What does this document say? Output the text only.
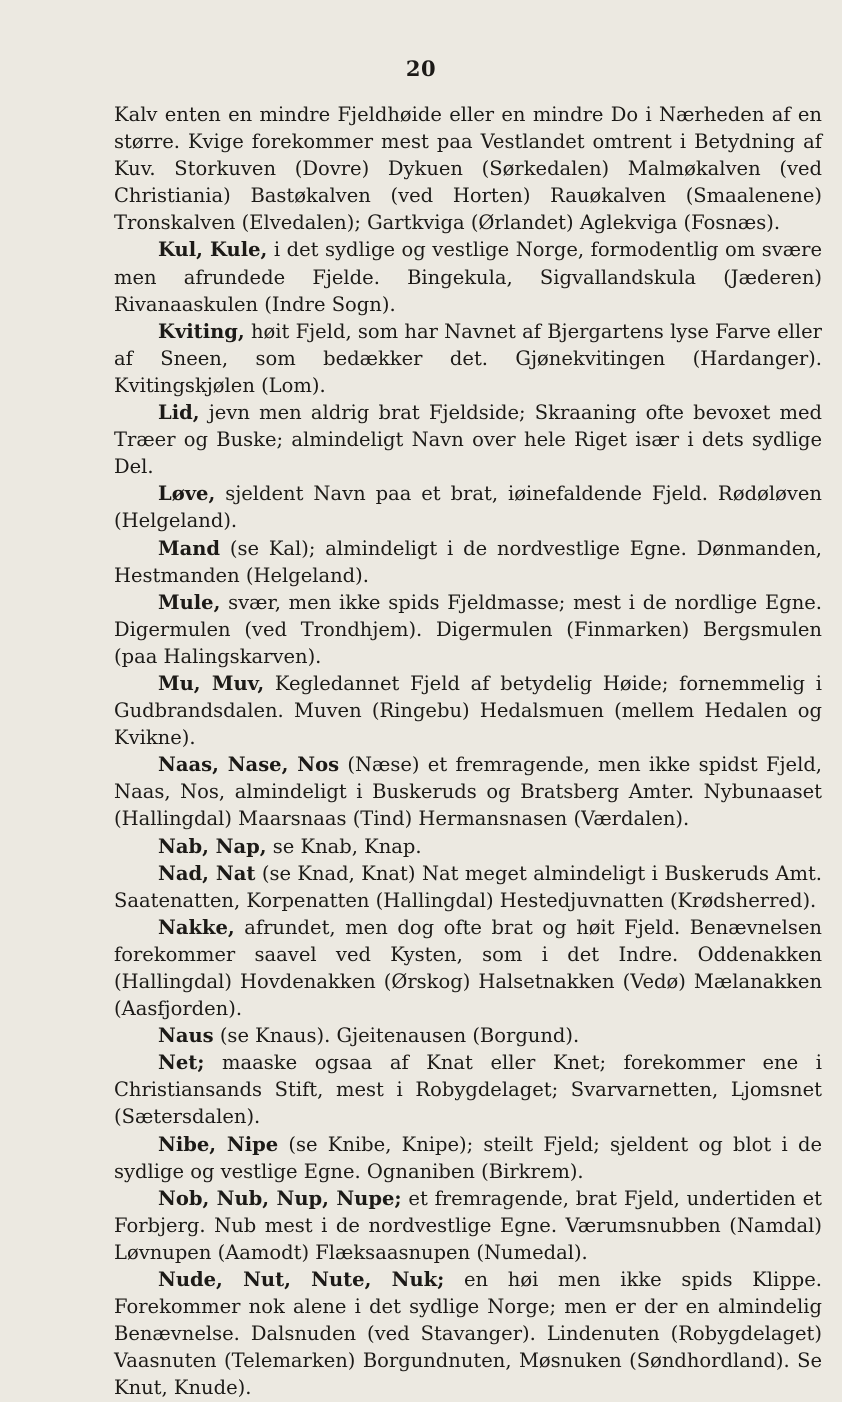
20

Kalv enten en mindre Fjeldhøide eller en mindre Do i Nærheden af en større. Kvige forekommer mest paa Vestlandet omtrent i Betydning af Kuv. Storkuven (Dovre) Dykuen (Sørkedalen) Malmøkalven (ved Christiania) Bastøkalven (ved Horten) Rauøkalven (Smaalenene) Tronskalven (Elvedalen); Gartkviga (Ørlandet) Aglekviga (Fosnæs).

Kul, Kule, i det sydlige og vestlige Norge, formodentlig om svære men afrundede Fjelde. Bingekula, Sigvallandskula (Jæderen) Rivanaaskulen (Indre Sogn).

Kviting, høit Fjeld, som har Navnet af Bjergartens lyse Farve eller af Sneen, som bedækker det. Gjønekvitingen (Hardanger). Kvitingskjølen (Lom).

Lid, jevn men aldrig brat Fjeldside; Skraaning ofte bevoxet med Træer og Buske; almindeligt Navn over hele Riget især i dets sydlige Del.

Løve, sjeldent Navn paa et brat, iøinefaldende Fjeld. Rødøløven (Helgeland).

Mand (se Kal); almindeligt i de nordvestlige Egne. Dønmanden, Hestmanden (Helgeland).

Mule, svær, men ikke spids Fjeldmasse; mest i de nordlige Egne. Digermulen (ved Trondhjem). Digermulen (Finmarken) Bergsmulen (paa Halingskarven).

Mu, Muv, Kegledannet Fjeld af betydelig Høide; fornemmelig i Gudbrandsdalen. Muven (Ringebu) Hedalsmuen (mellem Hedalen og Kvikne).

Naas, Nase, Nos (Næse) et fremragende, men ikke spidst Fjeld, Naas, Nos, almindeligt i Buskeruds og Bratsberg Amter. Nybunaaset (Hallingdal) Maarsnaas (Tind) Hermansnasen (Værdalen).

Nab, Nap, se Knab, Knap.

Nad, Nat (se Knad, Knat) Nat meget almindeligt i Buskeruds Amt. Saatenatten, Korpenatten (Hallingdal) Hestedjuvnatten (Krødsherred).

Nakke, afrundet, men dog ofte brat og høit Fjeld. Benævnelsen forekommer saavel ved Kysten, som i det Indre. Oddenakken (Hallingdal) Hovdenakken (Ørskog) Halsetnakken (Vedø) Mælanakken (Aasfjorden).

Naus (se Knaus). Gjeitenausen (Borgund).

Net; maaske ogsaa af Knat eller Knet; forekommer ene i Christiansands Stift, mest i Robygdelaget; Svarvarnetten, Ljomsnet (Sætersdalen).

Nibe, Nipe (se Knibe, Knipe); steilt Fjeld; sjeldent og blot i de sydlige og vestlige Egne. Ognaniben (Birkrem).

Nob, Nub, Nup, Nupe; et fremragende, brat Fjeld, undertiden et Forbjerg. Nub mest i de nordvestlige Egne. Værumsnubben (Namdal) Løvnupen (Aamodt) Flæksaasnupen (Numedal).

Nude, Nut, Nute, Nuk; en høi men ikke spids Klippe. Forekommer nok alene i det sydlige Norge; men er der en almindelig Benævnelse. Dalsnuden (ved Stavanger). Lindenuten (Robygdelaget) Vaasnuten (Telemarken) Borgundnuten, Møsnuken (Søndhordland). Se Knut, Knude).
